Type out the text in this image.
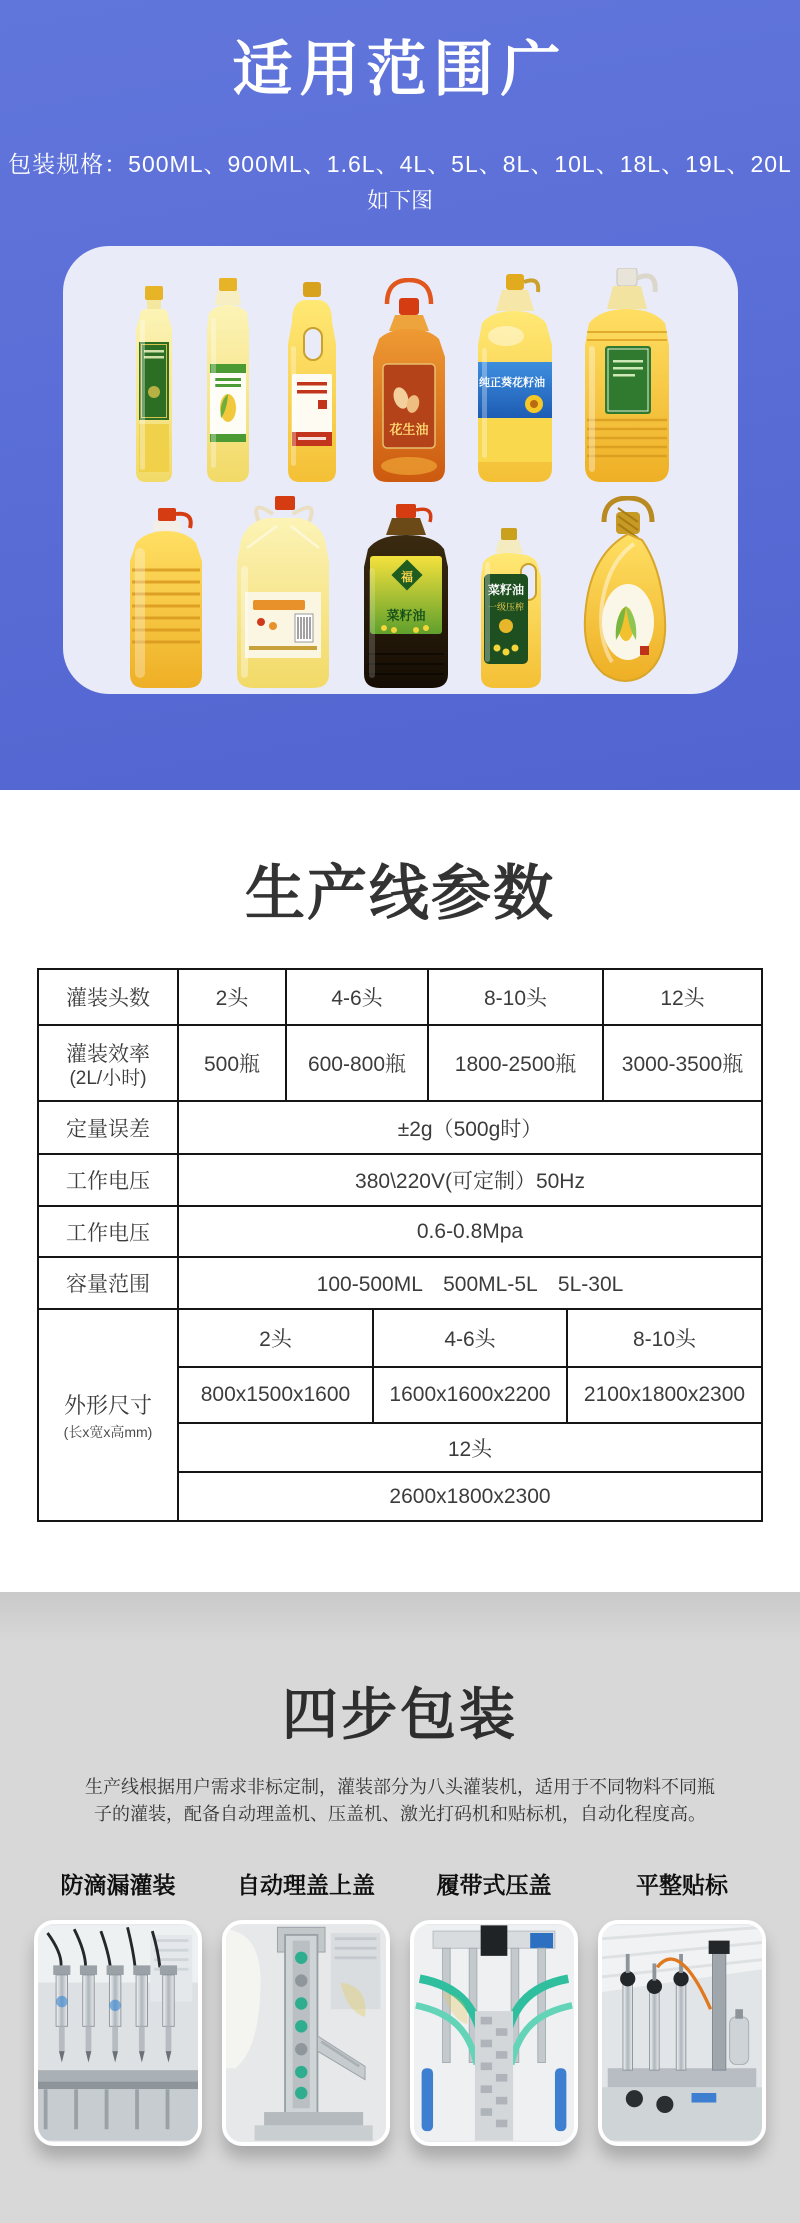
适用范围广
包装规格：500ML、900ML、1.6L、4L、5L、8L、10L、18L、19L、20L
如下图
花生油
纯正葵花籽油
福
菜籽油
菜籽油
一级压榨
生产线参数
灌装头数	2头	4-6头	8-10头	12头

灌装效率
(2L/小时)
	500瓶	600-800瓶	1800-2500瓶	3000-3500瓶
定量误差	±2g（500g时）
工作电压	380\220V(可定制）50Hz
工作电压	0.6-0.8Mpa
容量范围	100-500ML　500ML-5L　5L-30L

外形尺寸
(长x宽x高mm)

2头	4-6头	8-10头
800x1500x1600	1600x1600x2200	2100x1800x2300
12头
2600x1800x2300
四步包装
生产线根据用户需求非标定制，灌装部分为八头灌装机，适用于不同物料不同瓶
子的灌装，配备自动理盖机、压盖机、激光打码机和贴标机，自动化程度高。
防滴漏灌装	自动理盖上盖	履带式压盖	平整贴标
